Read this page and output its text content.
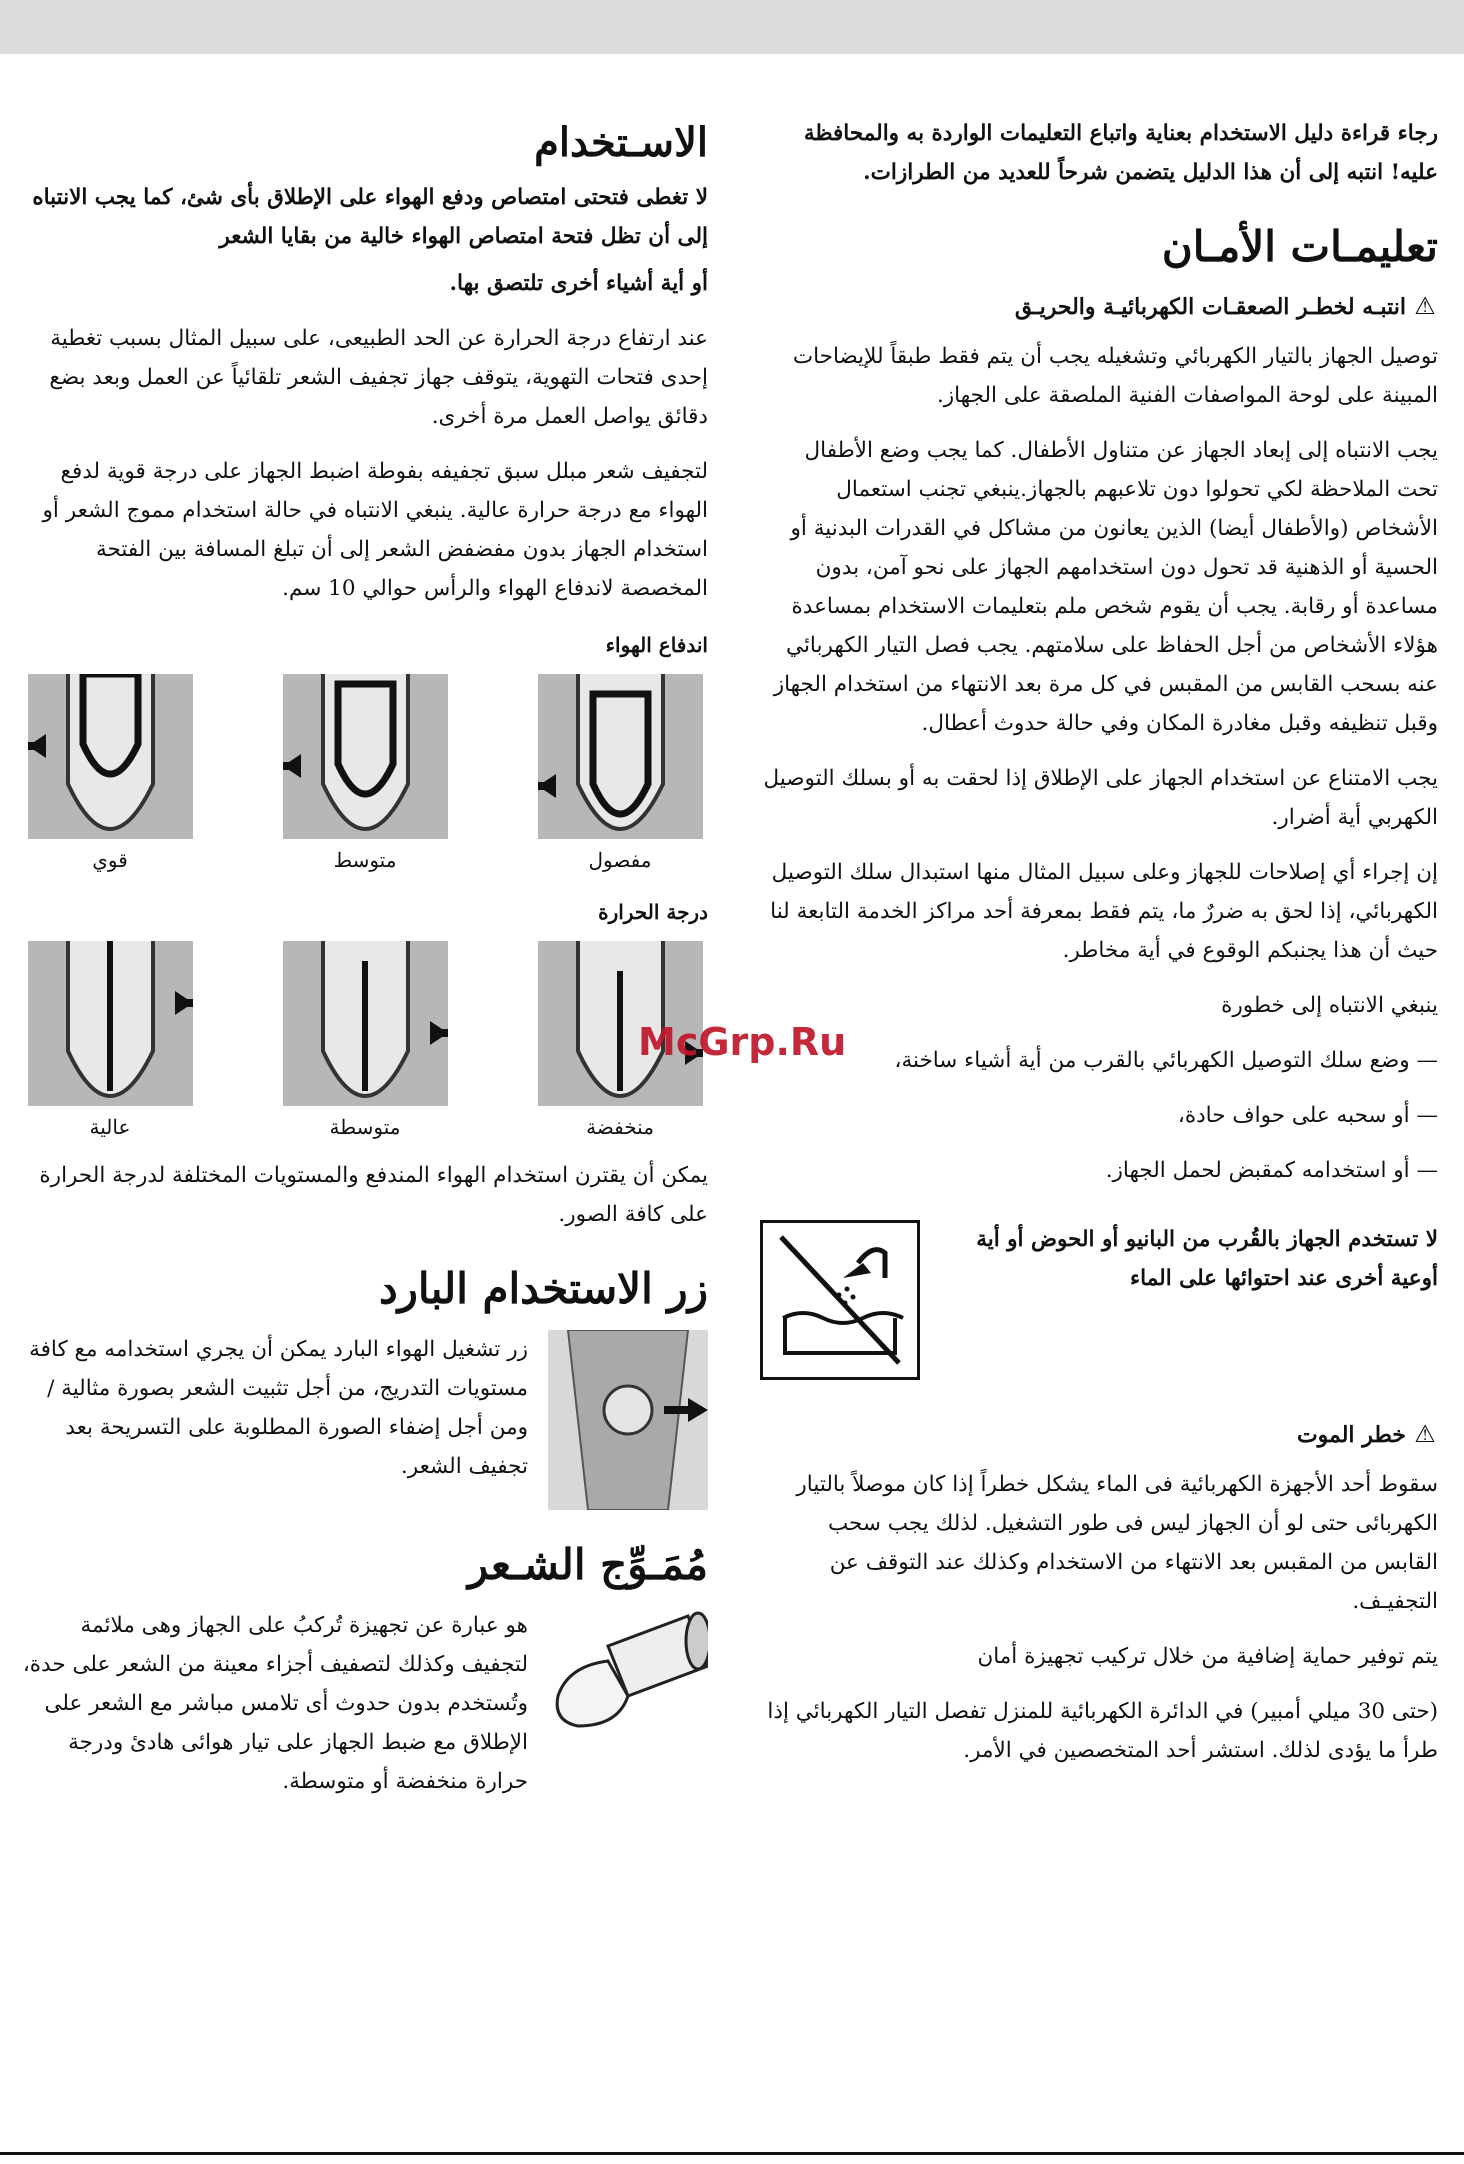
رجاء قراءة دليل الاستخدام بعناية واتباع التعليمات الواردة به والمحافظة عليه! انتبه إلى أن هذا الدليل يتضمن شرحاً للعديد من الطرازات.

تعليمـات الأمـان
⚠انتبـه لخطـر الصعقـات الكهربائيـة والحريـق

توصيل الجهاز بالتيار الكهربائي وتشغيله يجب أن يتم فقط طبقاً للإيضاحات المبينة على لوحة المواصفات الفنية الملصقة على الجهاز.

يجب الانتباه إلى إبعاد الجهاز عن متناول الأطفال. كما يجب وضع الأطفال تحت الملاحظة لكي تحولوا دون تلاعبهم بالجهاز.ينبغي تجنب استعمال الأشخاص (والأطفال أيضا) الذين يعانون من مشاكل في القدرات البدنية أو الحسية أو الذهنية قد تحول دون استخدامهم الجهاز على نحو آمن، بدون مساعدة أو رقابة. يجب أن يقوم شخص ملم بتعليمات الاستخدام بمساعدة هؤلاء الأشخاص من أجل الحفاظ على سلامتهم. يجب فصل التيار الكهربائي عنه بسحب القابس من المقبس في كل مرة بعد الانتهاء من استخدام الجهاز وقبل تنظيفه وقبل مغادرة المكان وفي حالة حدوث أعطال.

يجب الامتناع عن استخدام الجهاز على الإطلاق إذا لحقت به أو بسلك التوصيل الكهربي أية أضرار.

إن إجراء أي إصلاحات للجهاز وعلى سبيل المثال منها استبدال سلك التوصيل الكهربائي، إذا لحق به ضررٌ ما، يتم فقط بمعرفة أحد مراكز الخدمة التابعة لنا حيث أن هذا يجنبكم الوقوع في أية مخاطر.

ينبغي الانتباه إلى خطورة

— وضع سلك التوصيل الكهربائي بالقرب من أية أشياء ساخنة،
— أو سحبه على حواف حادة،
— أو استخدامه كمقبض لحمل الجهاز.
لا تستخدم الجهاز بالقُرب من البانيو أو الحوض أو أية أوعية أخرى عند احتوائها على الماء
⚠خطر الموت

سقوط أحد الأجهزة الكهربائية فى الماء يشكل خطراً إذا كان موصلاً بالتيار الكهربائى حتى لو أن الجهاز ليس فى طور التشغيل. لذلك يجب سحب القابس من المقبس بعد الانتهاء من الاستخدام وكذلك عند التوقف عن التجفيـف.

يتم توفير حماية إضافية من خلال تركيب تجهيزة أمان

(حتى 30 ميلي أمبير) في الدائرة الكهربائية للمنزل تفصل التيار الكهربائي إذا طرأ ما يؤدى لذلك. استشر أحد المتخصصين في الأمر.

الاسـتخدام

لا تغطى فتحتى امتصاص ودفع الهواء على الإطلاق بأى شئ، كما يجب الانتباه إلى أن تظل فتحة امتصاص الهواء خالية من بقايا الشعر

أو أية أشياء أخرى تلتصق بها.

عند ارتفاع درجة الحرارة عن الحد الطبيعى، على سبيل المثال بسبب تغطية إحدى فتحات التهوية، يتوقف جهاز تجفيف الشعر تلقائياً عن العمل وبعد بضع دقائق يواصل العمل مرة أخرى.

لتجفيف شعر مبلل سبق تجفيفه بفوطة اضبط الجهاز على درجة قوية لدفع الهواء مع درجة حرارة عالية. ينبغي الانتباه في حالة استخدام مموج الشعر أو استخدام الجهاز بدون مفضفض الشعر إلى أن تبلغ المسافة بين الفتحة المخصصة لاندفاع الهواء والرأس حوالي 10 سم.

اندفاع الهواء
مفصول
متوسط
قوي
درجة الحرارة
منخفضة
متوسطة
عالية

يمكن أن يقترن استخدام الهواء المندفع والمستويات المختلفة لدرجة الحرارة على كافة الصور.

زر الاستخدام البارد

زر تشغيل الهواء البارد يمكن أن يجري استخدامه مع كافة مستويات التدريج، من أجل تثبيت الشعر بصورة مثالية / ومن أجل إضفاء الصورة المطلوبة على التسريحة بعد تجفيف الشعر.

مُمَـوِّج الشـعر

هو عبارة عن تجهيزة تُركبُ على الجهاز وهى ملائمة لتجفيف وكذلك لتصفيف أجزاء معينة من الشعر على حدة، وتُستخدم بدون حدوث أى تلامس مباشر مع الشعر على الإطلاق مع ضبط الجهاز على تيار هوائى هادئ ودرجة حرارة منخفضة أو متوسطة.

McGrp.Ru
